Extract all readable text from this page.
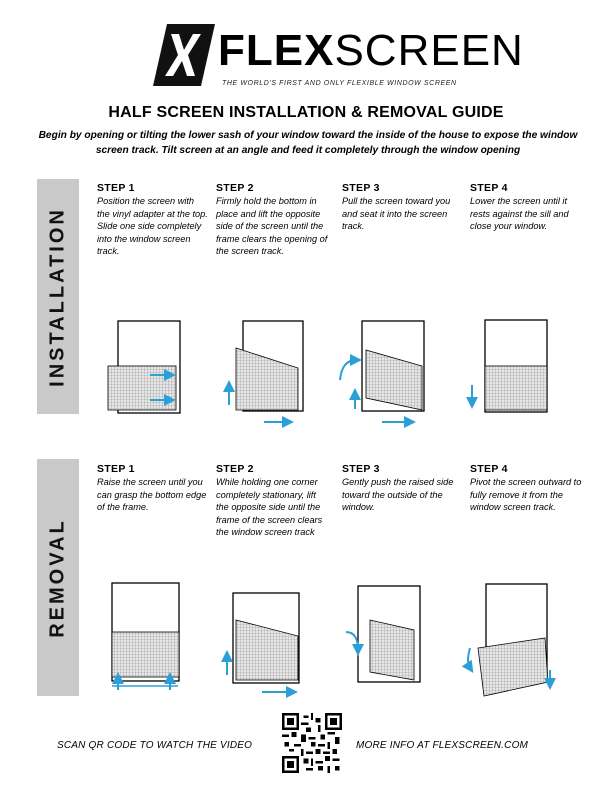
FLEXSCREEN
THE WORLD'S FIRST AND ONLY FLEXIBLE WINDOW SCREEN
HALF SCREEN INSTALLATION & REMOVAL GUIDE
Begin by opening or tilting the lower sash of your window toward the inside of the house to expose the window screen track. Tilt screen at an angle and feed it completely through the window opening
INSTALLATION
REMOVAL
STEP 1
Position the screen with the vinyl adapter at the top. Slide one side completely into the window screen track.
STEP 2
Firmly hold the bottom in place and lift the opposite side of the screen until the frame clears the opening of the screen track.
STEP 3
Pull the screen toward you and seat it into the screen track.
STEP 4
Lower the screen until it rests against the sill and close your window.
STEP 1
Raise the screen until you can grasp the bottom edge of the frame.
STEP 2
While holding one corner completely stationary, lift the opposite side until the frame of the screen clears the window screen track
STEP 3
Gently push the raised side toward the outside of the window.
STEP 4
Pivot the screen outward to fully remove it from the window screen track.
SCAN QR CODE TO WATCH THE VIDEO	MORE INFO AT FLEXSCREEN.COM
